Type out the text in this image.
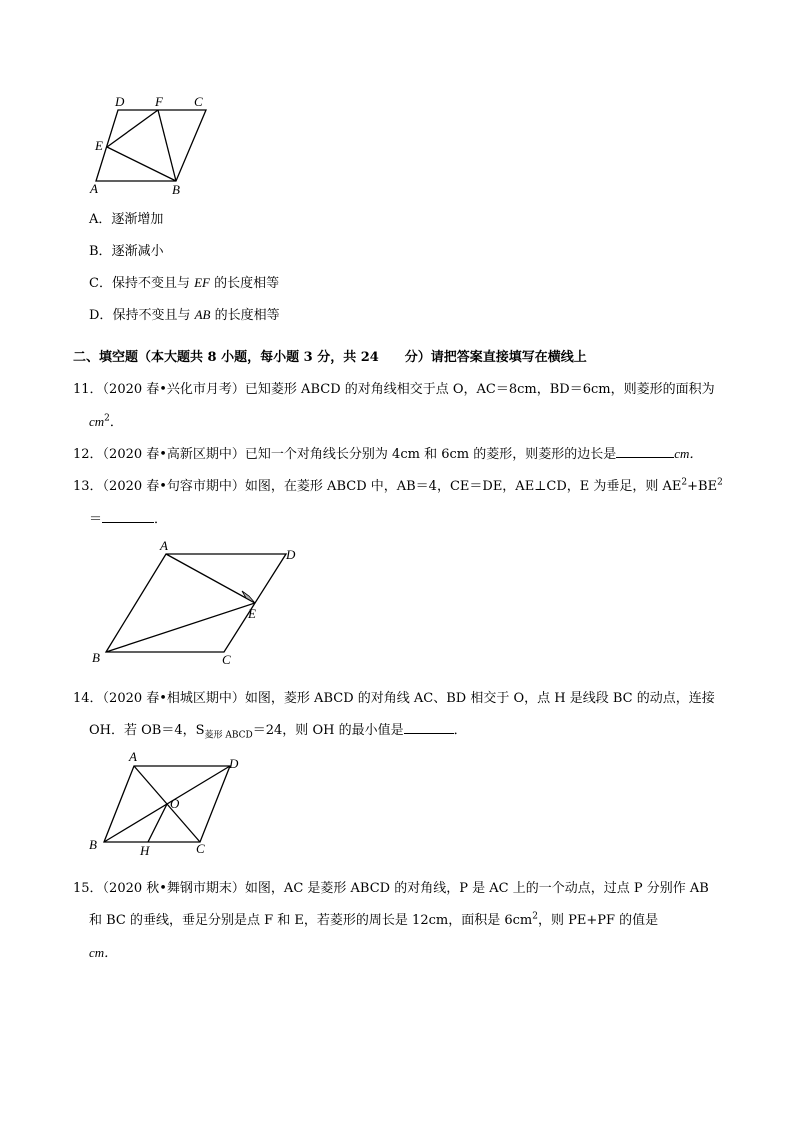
D F C
E
A	B
A．逐渐增加
B．逐渐减小
C．保持不变且与 EF 的长度相等
D．保持不变且与 AB 的长度相等
二、填空题（本大题共 8 小题，每小题 3 分，共 24　　分）请把答案直接填写在横线上
11．（2020 春•兴化市月考）已知菱形 ABCD 的对角线相交于点 O，AC＝8cm，BD＝6cm，则菱形的面积为
$cm^2$．
12．（2020 春•高新区期中）已知一个对角线长分别为 4cm 和 6cm 的菱形，则菱形的边长是	cm．
13．（2020 春•句容市期中）如图，在菱形 ABCD 中，AB＝4，CE＝DE，AE⊥CD，E 为垂足，则 $AE^2+BE^2$
＝	．
A
D
E
B	C
14．（2020 春•相城区期中）如图，菱形 ABCD 的对角线 AC、BD 相交于 O，点 H 是线段 BC 的动点，连接
OH．若 OB＝4，$S_{菱形 ABCD}=24$，则 OH 的最小值是	．
A	D
O
B	H	C
15．（2020 秋•舞钢市期末）如图，AC 是菱形 ABCD 的对角线，P 是 AC 上的一个动点，过点 P 分别作 AB
和 BC 的垂线，垂足分别是点 F 和 E，若菱形的周长是 12cm，面积是 $6cm^2$，则 PE+PF 的值是
cm．
